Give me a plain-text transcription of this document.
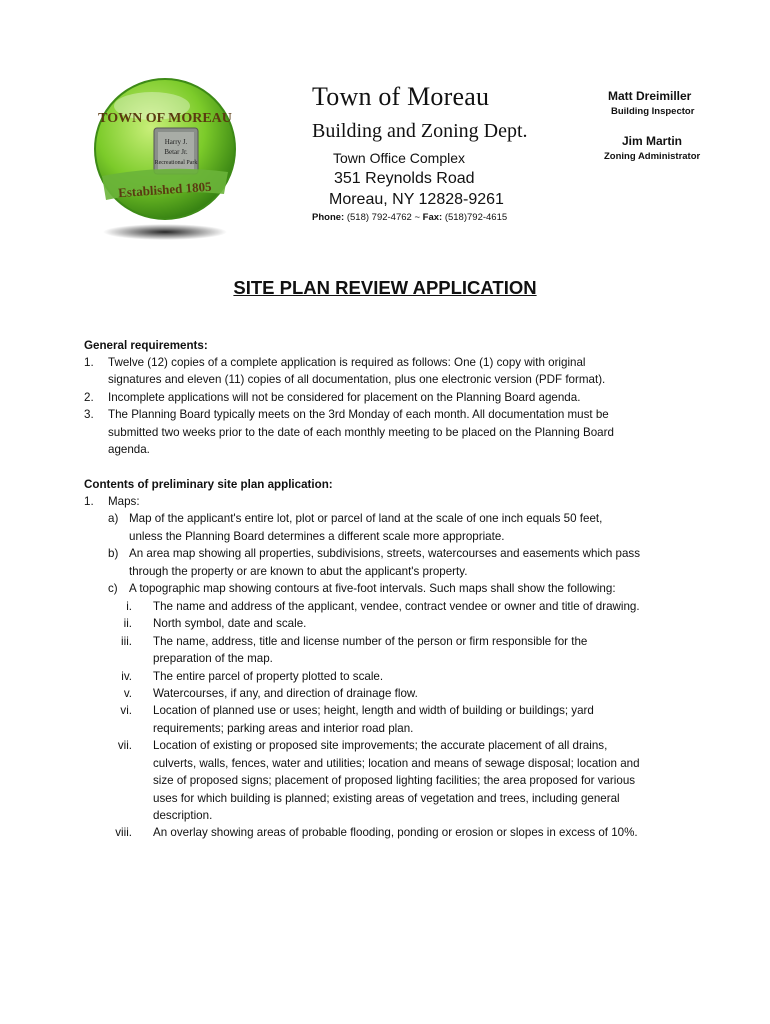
TOWN OF MOREAU
Harry J.
Betar Jr.
Recreational Park
Established 1805
Town of Moreau
Building and Zoning Dept.
Town Office Complex
351 Reynolds Road
Moreau, NY 12828-9261
Phone: (518) 792-4762 ~ Fax: (518)792-4615
Matt Dreimiller
Building Inspector
Jim Martin
Zoning Administrator
SITE PLAN REVIEW APPLICATION
General requirements:
1. Twelve (12) copies of a complete application is required as follows: One (1) copy with original
signatures and eleven (11) copies of all documentation, plus one electronic version (PDF format).
2. Incomplete applications will not be considered for placement on the Planning Board agenda.
3. The Planning Board typically meets on the 3rd Monday of each month. All documentation must be
submitted two weeks prior to the date of each monthly meeting to be placed on the Planning Board
agenda.
Contents of preliminary site plan application:
1. Maps:
a) Map of the applicant's entire lot, plot or parcel of land at the scale of one inch equals 50 feet,
unless the Planning Board determines a different scale more appropriate.
b) An area map showing all properties, subdivisions, streets, watercourses and easements which pass
through the property or are known to abut the applicant's property.
c) A topographic map showing contours at five-foot intervals. Such maps shall show the following:
i. The name and address of the applicant, vendee, contract vendee or owner and title of drawing.
ii. North symbol, date and scale.
iii. The name, address, title and license number of the person or firm responsible for the
preparation of the map.
iv. The entire parcel of property plotted to scale.
v. Watercourses, if any, and direction of drainage flow.
vi. Location of planned use or uses; height, length and width of building or buildings; yard
requirements; parking areas and interior road plan.
vii. Location of existing or proposed site improvements; the accurate placement of all drains,
culverts, walls, fences, water and utilities; location and means of sewage disposal; location and
size of proposed signs; placement of proposed lighting facilities; the area proposed for various
uses for which building is planned; existing areas of vegetation and trees, including general
description.
viii. An overlay showing areas of probable flooding, ponding or erosion or slopes in excess of 10%.
